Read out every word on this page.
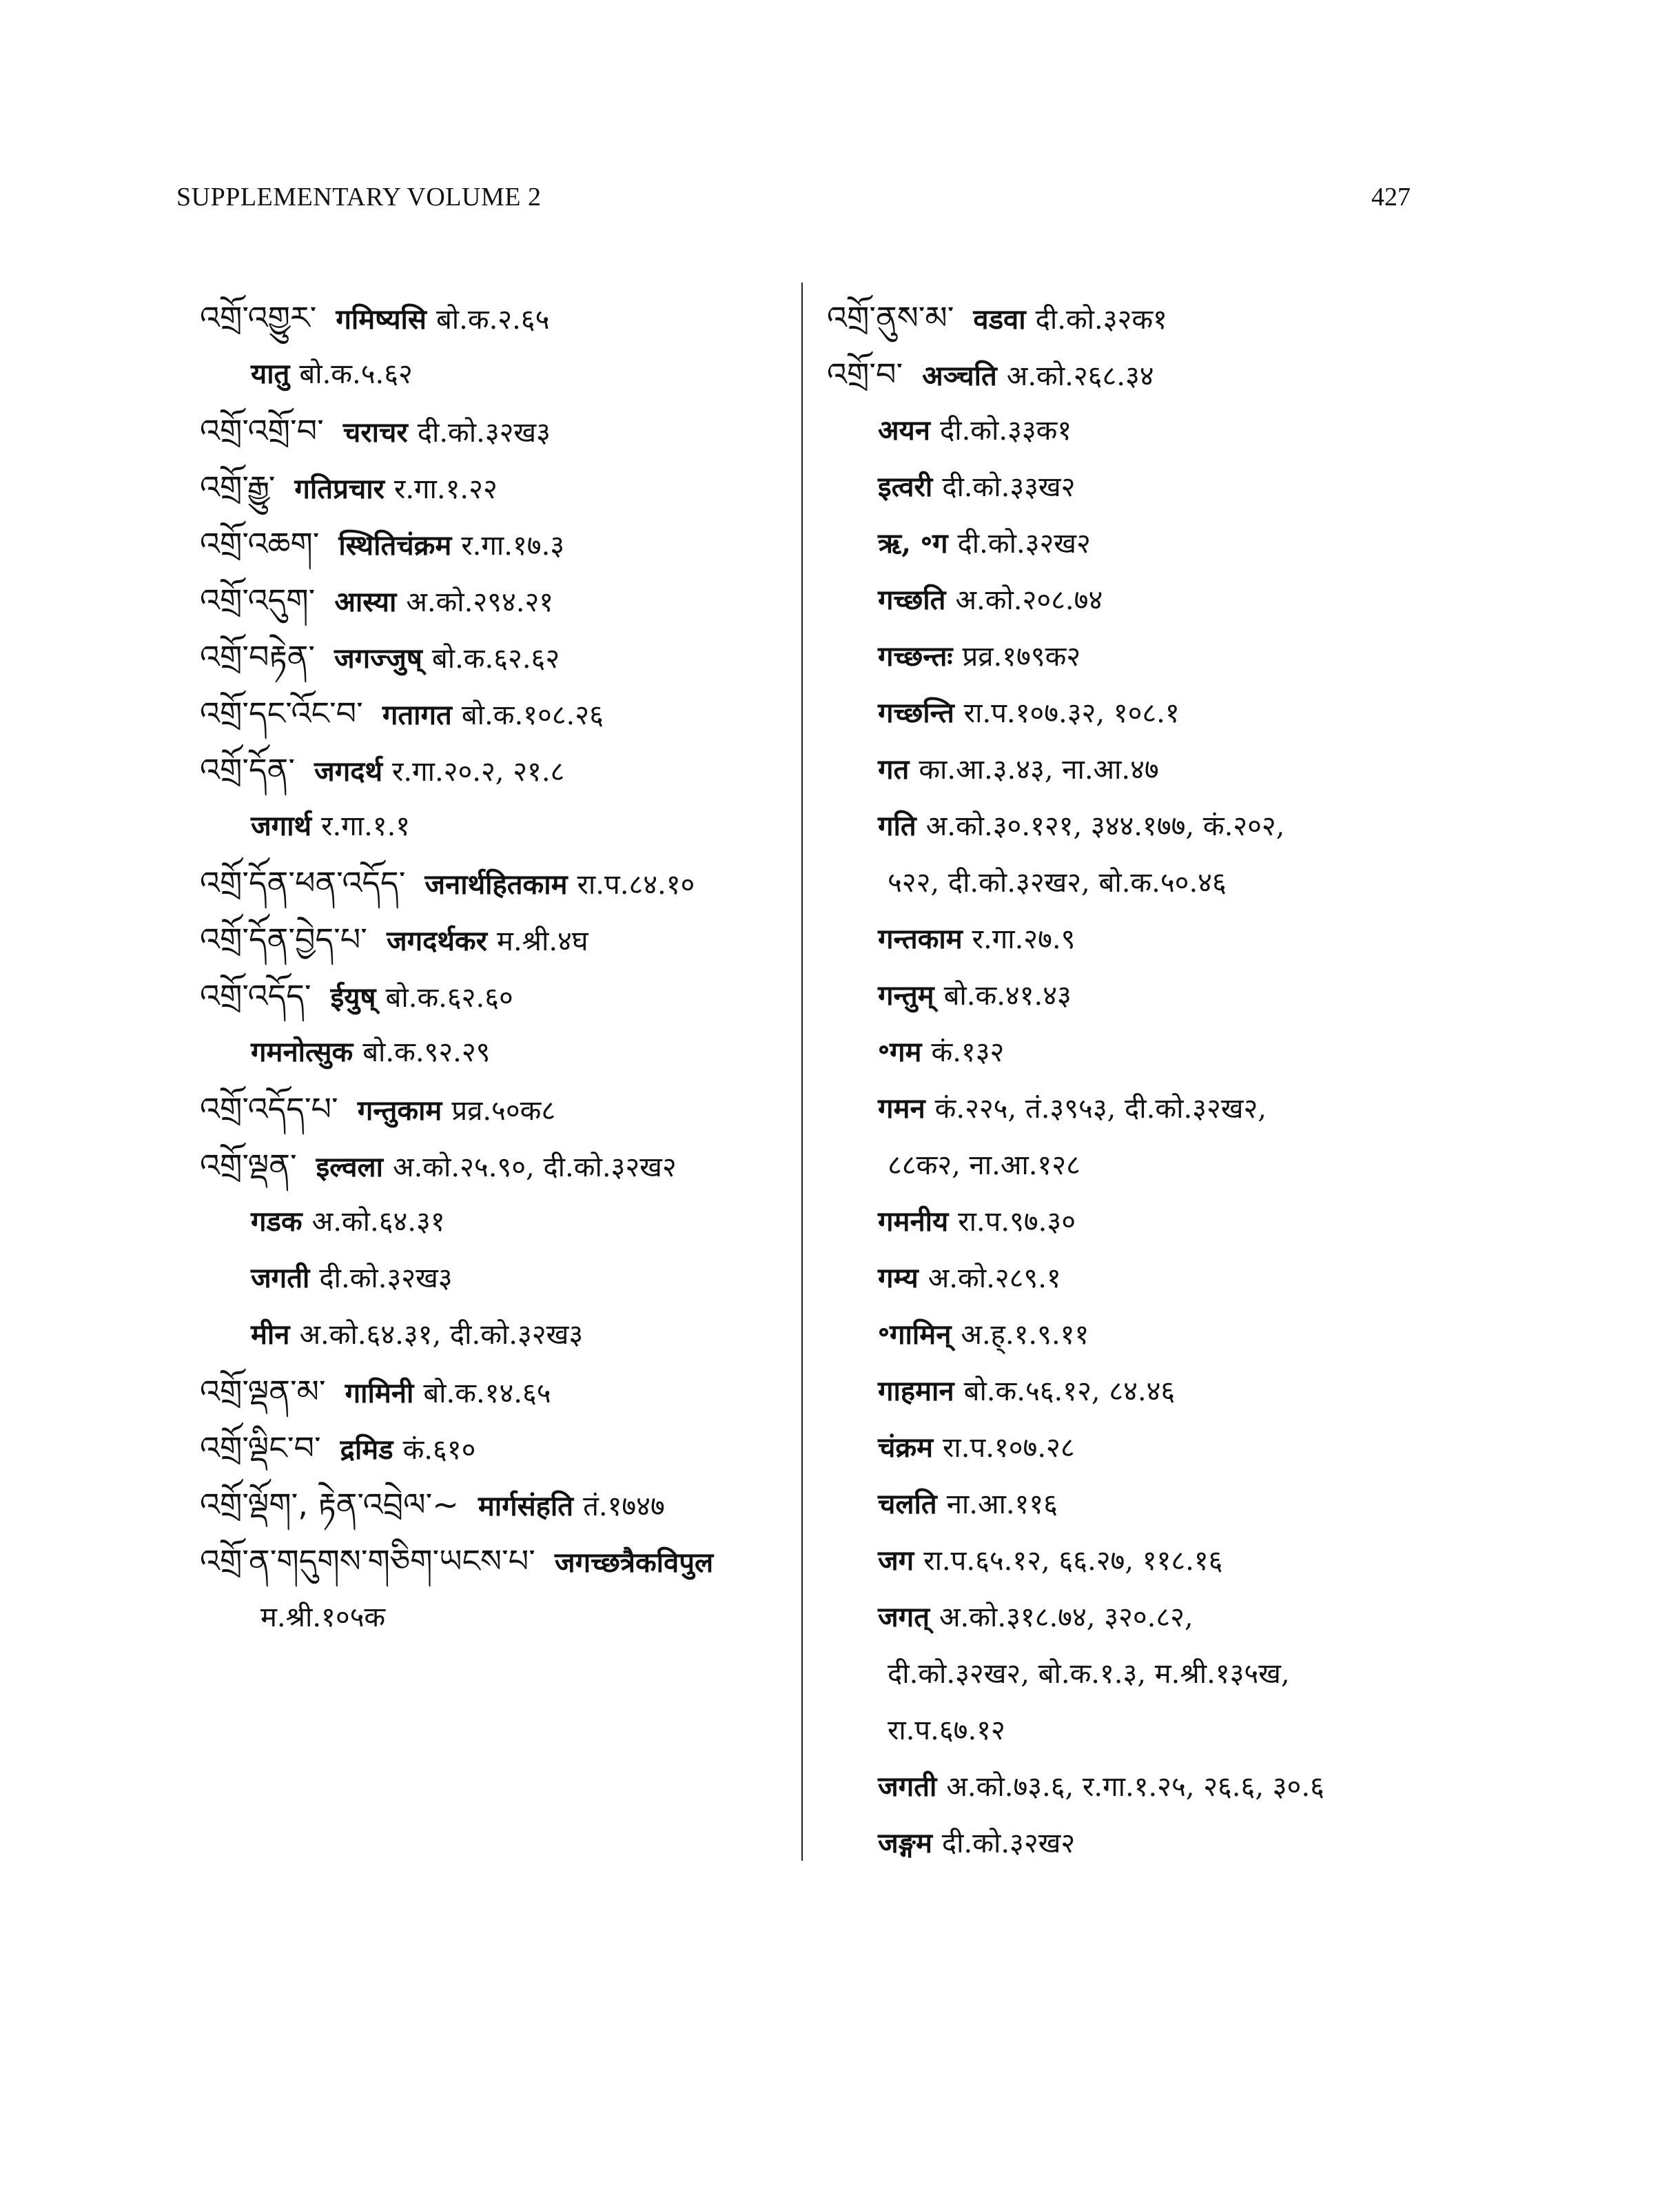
SUPPLEMENTARY VOLUME 2	427
འགྲོ་འགྱུར་ गमिष्यसि बो.क.२.६५
यातु बो.क.५.६२
འགྲོ་འགྲོ་བ་ चराचर दी.को.३२ख३
འགྲོ་རྒྱུ་ गतिप्रचार र.गा.१.२२
འགྲོ་འཆག་ स्थितिचंक्रम र.गा.१७.३
འགྲོ་འདུག་ आस्या अ.को.२९४.२१
འགྲོ་བརྟེན་ जगज्जुष् बो.क.६२.६२
འགྲོ་དང་འོང་བ་ गतागत बो.क.१०८.२६
འགྲོ་དོན་ जगदर्थ र.गा.२०.२, २१.८
जगार्थ र.गा.१.१
འགྲོ་དོན་ཕན་འདོད་ जनार्थहितकाम रा.प.८४.१०
འགྲོ་དོན་བྱེད་པ་ जगदर्थकर म.श्री.४घ
འགྲོ་འདོད་ ईयुष् बो.क.६२.६०
गमनोत्सुक बो.क.९२.२९
འགྲོ་འདོད་པ་ गन्तुकाम प्रव्र.५०क८
འགྲོ་ལྡན་ इल्वला अ.को.२५.९०, दी.को.३२ख२
गडक अ.को.६४.३१
जगती दी.को.३२ख३
मीन अ.को.६४.३१, दी.को.३२ख३
འགྲོ་ལྡན་མ་ गामिनी बो.क.१४.६५
འགྲོ་ལྡིང་བ་ द्रमिड कं.६१०
འགྲོ་ལྡོག་, རྟེན་འབྲེལ་~ मार्गसंहति तं.१७४७
འགྲོ་ན་གདུགས་གཅིག་ཡངས་པ་ जगच्छत्रैकविपुल
म.श्री.१०५क
འགྲོ་ནུས་མ་ वडवा दी.को.३२क१
འགྲོ་བ་ अञ्चति अ.को.२६८.३४
अयन दी.को.३३क१
इत्वरी दी.को.३३ख२
ऋ, ॰ग दी.को.३२ख२
गच्छति अ.को.२०८.७४
गच्छन्तः प्रव्र.१७९क२
गच्छन्ति रा.प.१०७.३२, १०८.१
गत का.आ.३.४३, ना.आ.४७
गति अ.को.३०.१२१, ३४४.१७७, कं.२०२,
५२२, दी.को.३२ख२, बो.क.५०.४६
गन्तकाम र.गा.२७.९
गन्तुम् बो.क.४१.४३
॰गम कं.१३२
गमन कं.२२५, तं.३९५३, दी.को.३२ख२,
८८क२, ना.आ.१२८
गमनीय रा.प.९७.३०
गम्य अ.को.२८९.१
॰गामिन् अ.ह्.१.९.११
गाहमान बो.क.५६.१२, ८४.४६
चंक्रम रा.प.१०७.२८
चलति ना.आ.११६
जग रा.प.६५.१२, ६६.२७, ११८.१६
जगत् अ.को.३१८.७४, ३२०.८२,
दी.को.३२ख२, बो.क.१.३, म.श्री.१३५ख,
रा.प.६७.१२
जगती अ.को.७३.६, र.गा.१.२५, २६.६, ३०.६
जङ्गम दी.को.३२ख२
